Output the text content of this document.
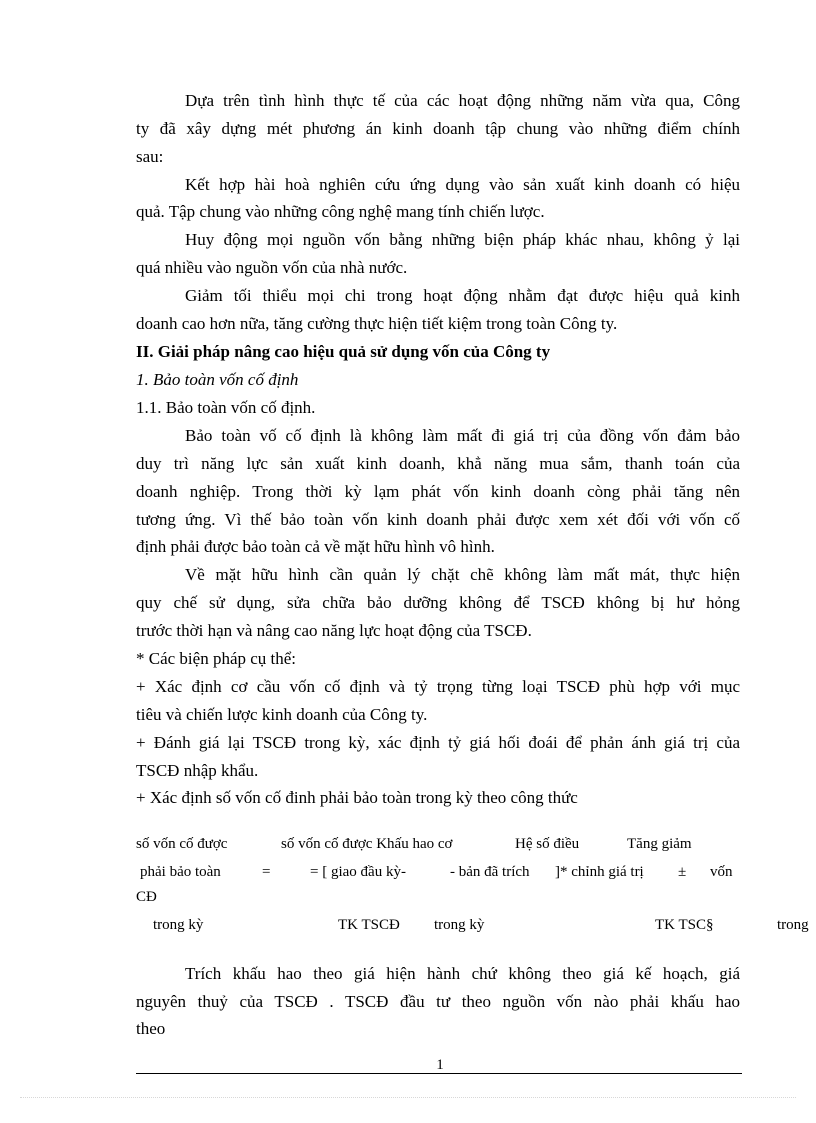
Dựa trên tình hình thực tế của các hoạt động những năm vừa qua, Công
ty đã xây dựng mét phương án kinh doanh tập chung vào những điểm chính
sau:
Kết hợp hài hoà nghiên cứu ứng dụng vào sản xuất kinh doanh có hiệu
quả. Tập chung vào những công nghệ mang tính chiến lược.
Huy động mọi nguồn vốn bằng những biện pháp khác nhau, không ỷ lại
quá nhiều vào nguồn vốn của nhà nước.
Giảm tối thiểu mọi chi trong hoạt động nhằm đạt được hiệu quả kinh
doanh cao hơn nữa, tăng cường thực hiện tiết kiệm trong toàn Công ty.
II. Giải pháp nâng cao hiệu quả sử dụng vốn của Công ty
1. Bảo toàn vốn cố định
1.1. Bảo toàn vốn cố định.
Bảo toàn vố cố định là không làm mất đi giá trị của đồng vốn đảm bảo
duy trì năng lực sản xuất kinh doanh, khẳ năng mua sắm, thanh toán của
doanh nghiệp. Trong thời kỳ lạm phát vốn kinh doanh còng phải tăng nên
tương ứng. Vì thế bảo toàn vốn kinh doanh phải được xem xét đối với vốn cố
định phải được bảo toàn cả về mặt hữu hình vô hình.
Về mặt hữu hình cần quản lý chặt chẽ không làm mất mát, thực hiện
quy chế sử dụng, sửa chữa bảo dưỡng không để TSCĐ không bị hư hỏng
trước thời hạn và nâng cao năng lực hoạt động của TSCĐ.
* Các biện pháp cụ thể:
+ Xác định cơ cầu vốn cố định và tỷ trọng từng loại TSCĐ phù hợp với mục
tiêu và chiến lược kinh doanh của Công ty.
+ Đánh giá lại TSCĐ trong kỳ, xác định tỷ giá hối đoái để phản ánh giá trị của
TSCĐ nhập khẩu.
+ Xác định số vốn cố đinh phải bảo toàn trong kỳ theo công thức
số vốn cố được	số vốn cố được Khấu hao cơ	Hệ số điều	Tăng giảm
phải bảo toàn	=	= [ giao đầu kỳ-	- bản đã trích ]* chỉnh giá trị ± vốn
CĐ
trong kỳ	TK TSCĐ trong kỳ	TK TSC§	trong
Trích khấu hao theo giá hiện hành chứ không theo giá kế hoạch, giá
nguyên thuỷ của TSCĐ . TSCĐ đầu tư theo nguồn vốn nào phải khấu hao
theo
1
